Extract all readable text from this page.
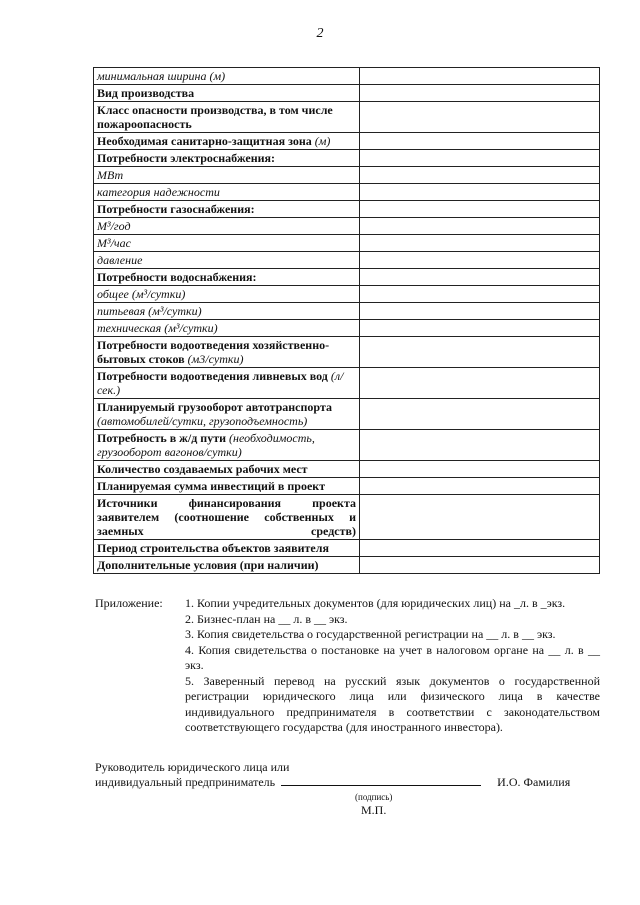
2
минимальная ширина (м)	
Вид производства	
Класс опасности производства, в том числе пожароопасность	
Необходимая санитарно-защитная зона (м)	
Потребности электроснабжения:	
МВт	
категория надежности	
Потребности газоснабжения:	
М³/год	
М³/час	
давление	
Потребности водоснабжения:	
общее (м³/сутки)	
питьевая (м³/сутки)	
техническая (м³/сутки)	
Потребности водоотведения хозяйственно-бытовых стоков (м3/сутки)	
Потребности водоотведения ливневых вод (л/сек.)	
Планируемый грузооборот автотранспорта (автомобилей/сутки, грузоподъемность)	
Потребность в ж/д пути (необходимость, грузооборот вагонов/сутки)	
Количество создаваемых рабочих мест	
Планируемая сумма инвестиций в проект	
Источники финансирования проекта заявителем (соотношение собственных и заемных средств)	
Период строительства объектов заявителя	
Дополнительные условия (при наличии)	
Приложение: 1. Копии учредительных документов (для юридических лиц) на _л. в _экз.
2. Бизнес-план на __ л. в __ экз.
3. Копия свидетельства о государственной регистрации на __ л. в __ экз.
4. Копия свидетельства о постановке на учет в налоговом органе на __ л. в __ экз.
5. Заверенный перевод на русский язык документов о государственной регистрации юридического лица или физического лица в качестве индивидуального предпринимателя в соответствии с законодательством соответствующего государства (для иностранного инвестора).
Руководитель юридического лица или
индивидуальный предприниматель	И.О. Фамилия
(подпись)
М.П.
